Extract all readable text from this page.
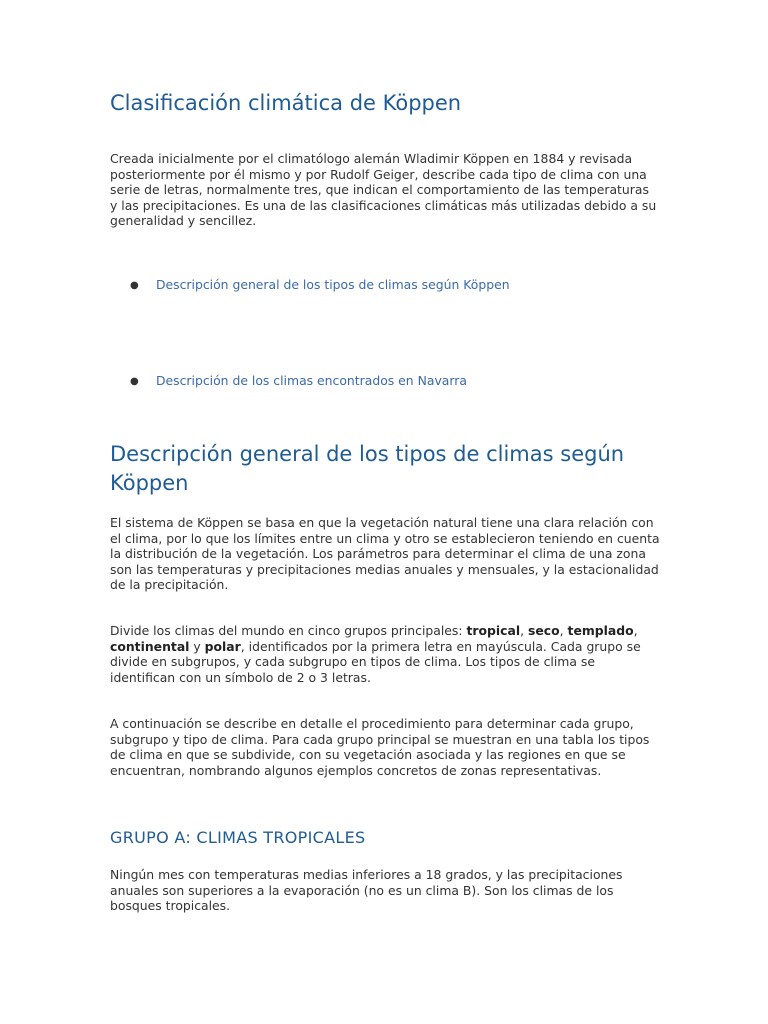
Clasificación climática de Köppen

Creada inicialmente por el climatólogo alemán Wladimir Köppen en 1884 y revisada posteriormente por él mismo y por Rudolf Geiger, describe cada tipo de clima con una serie de letras, normalmente tres, que indican el comportamiento de las temperaturas y las precipitaciones. Es una de las clasificaciones climáticas más utilizadas debido a su generalidad y sencillez.

● Descripción general de los tipos de climas según Köppen
● Descripción de los climas encontrados en Navarra
Descripción general de los tipos de climas según Köppen

El sistema de Köppen se basa en que la vegetación natural tiene una clara relación con el clima, por lo que los límites entre un clima y otro se establecieron teniendo en cuenta la distribución de la vegetación. Los parámetros para determinar el clima de una zona son las temperaturas y precipitaciones medias anuales y mensuales, y la estacionalidad de la precipitación.

Divide los climas del mundo en cinco grupos principales: tropical, seco, templado, continental y polar, identificados por la primera letra en mayúscula. Cada grupo se divide en subgrupos, y cada subgrupo en tipos de clima. Los tipos de clima se identifican con un símbolo de 2 o 3 letras.

A continuación se describe en detalle el procedimiento para determinar cada grupo, subgrupo y tipo de clima. Para cada grupo principal se muestran en una tabla los tipos de clima en que se subdivide, con su vegetación asociada y las regiones en que se encuentran, nombrando algunos ejemplos concretos de zonas representativas.

GRUPO A: CLIMAS TROPICALES

Ningún mes con temperaturas medias inferiores a 18 grados, y las precipitaciones anuales son superiores a la evaporación (no es un clima B). Son los climas de los bosques tropicales.
